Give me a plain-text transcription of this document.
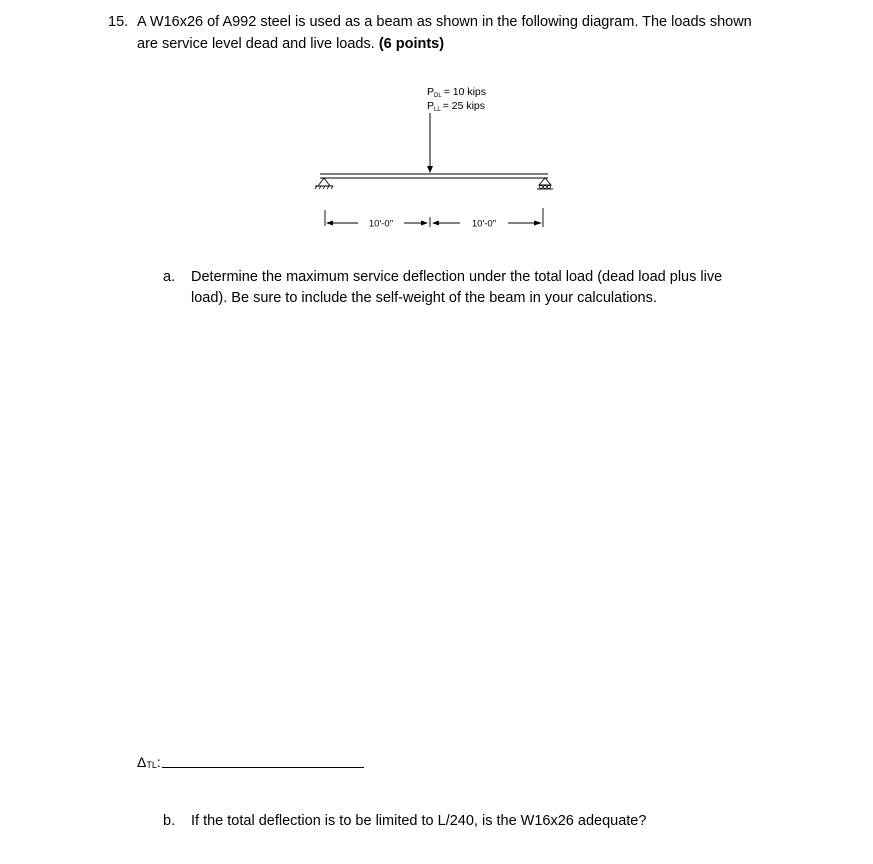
15. A W16x26 of A992 steel is used as a beam as shown in the following diagram. The loads shown
are service level dead and live loads. (6 points)
PDL = 10 kips
PLL = 25 kips
10'-0"	10'-0"
a. Determine the maximum service deflection under the total load (dead load plus live
load). Be sure to include the self-weight of the beam in your calculations.
$\Delta_{TL}$:
b. If the total deflection is to be limited to L/240, is the W16x26 adequate?
